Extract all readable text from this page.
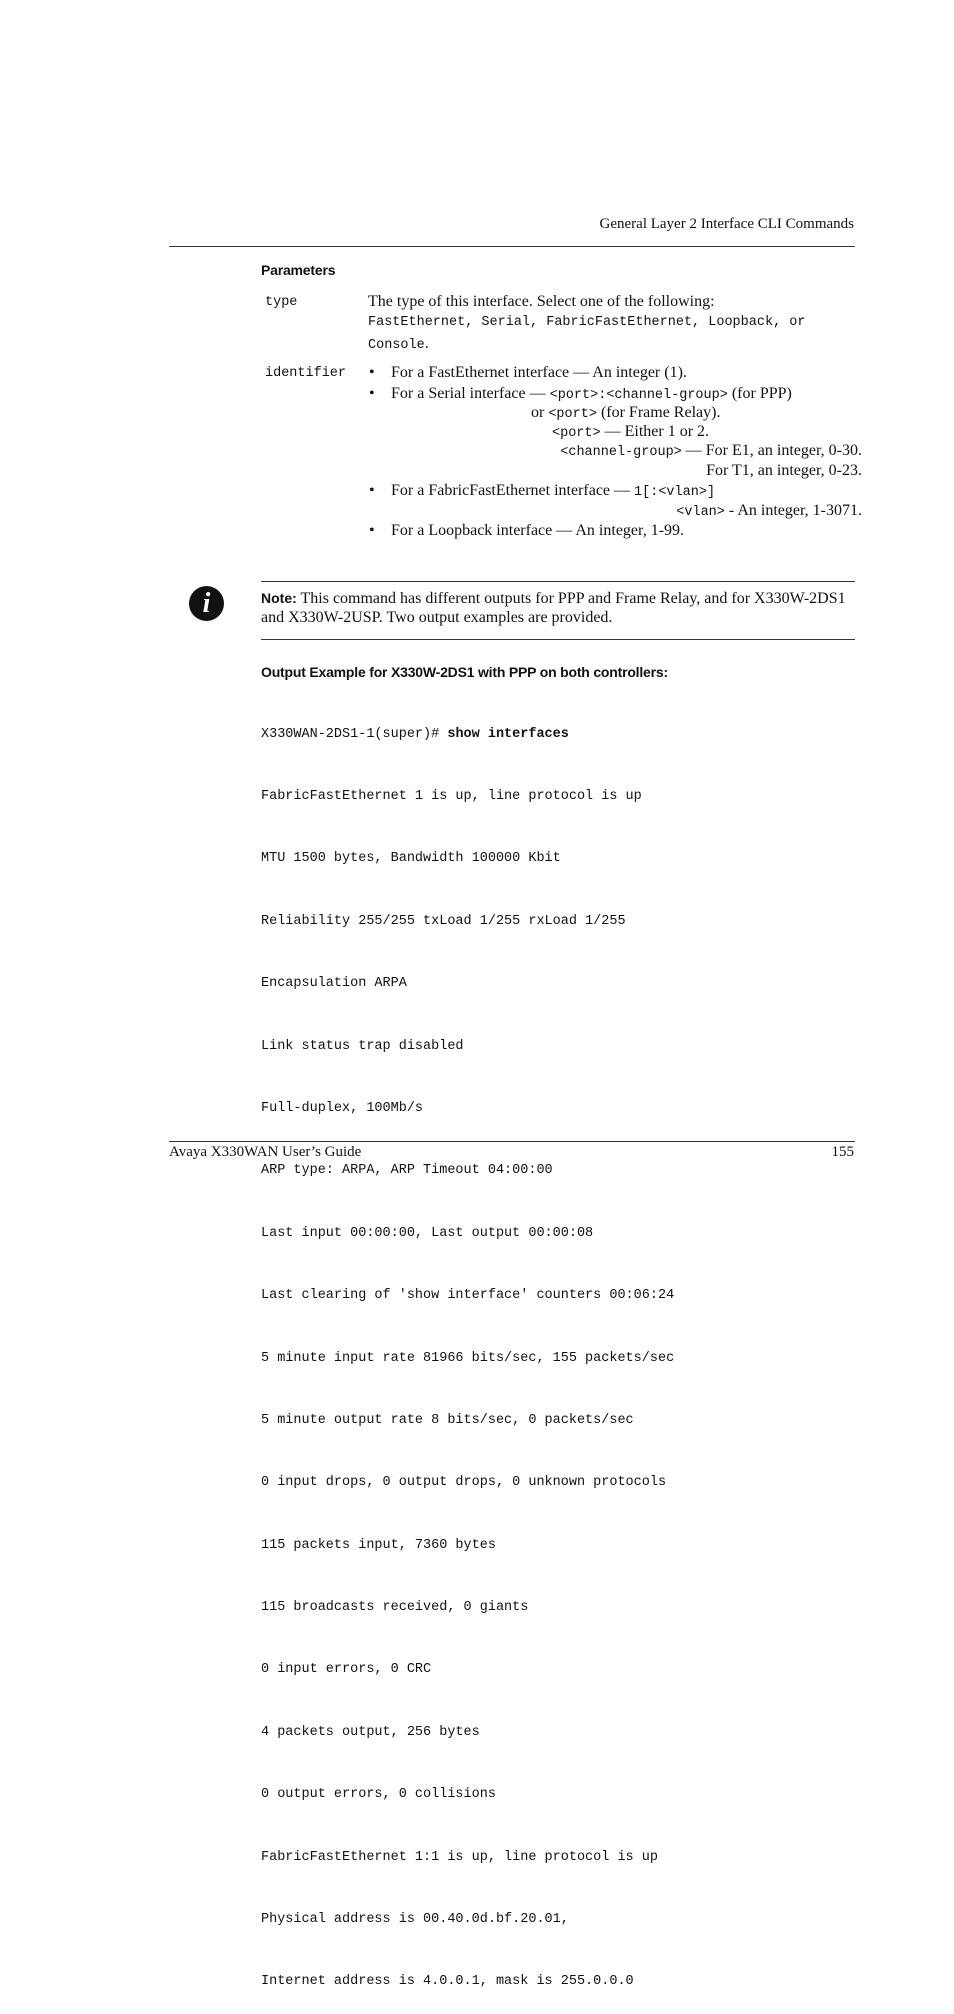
General Layer 2 Interface CLI Commands
Parameters
type	The type of this interface. Select one of the following:
FastEthernet, Serial, FabricFastEthernet, Loopback, or
Console.
identifier • For a FastEthernet interface — An integer (1).
• For a Serial interface — <port>:<channel-group> (for PPP)
or <port> (for Frame Relay).
<port> — Either 1 or 2.
<channel-group> — For E1, an integer, 0-30.
For T1, an integer, 0-23.
• For a FabricFastEthernet interface — 1[:<vlan>]
<vlan> - An integer, 1-3071.
• For a Loopback interface — An integer, 1-99.
i	Note: This command has different outputs for PPP and Frame Relay, and for X330W-2DS1 and X330W-2USP. Two output examples are provided.
Output Example for X330W-2DS1 with PPP on both controllers:

X330WAN-2DS1-1(super)# show interfaces

FabricFastEthernet 1 is up, line protocol is up

MTU 1500 bytes, Bandwidth 100000 Kbit

Reliability 255/255 txLoad 1/255 rxLoad 1/255

Encapsulation ARPA

Link status trap disabled

Full-duplex, 100Mb/s

ARP type: ARPA, ARP Timeout 04:00:00

Last input 00:00:00, Last output 00:00:08

Last clearing of 'show interface' counters 00:06:24

5 minute input rate 81966 bits/sec, 155 packets/sec

5 minute output rate 8 bits/sec, 0 packets/sec

0 input drops, 0 output drops, 0 unknown protocols

115 packets input, 7360 bytes

115 broadcasts received, 0 giants

0 input errors, 0 CRC

4 packets output, 256 bytes

0 output errors, 0 collisions

FabricFastEthernet 1:1 is up, line protocol is up

Physical address is 00.40.0d.bf.20.01,

Internet address is 4.0.0.1, mask is 255.0.0.0

Avaya X330WAN User’s Guide	155
